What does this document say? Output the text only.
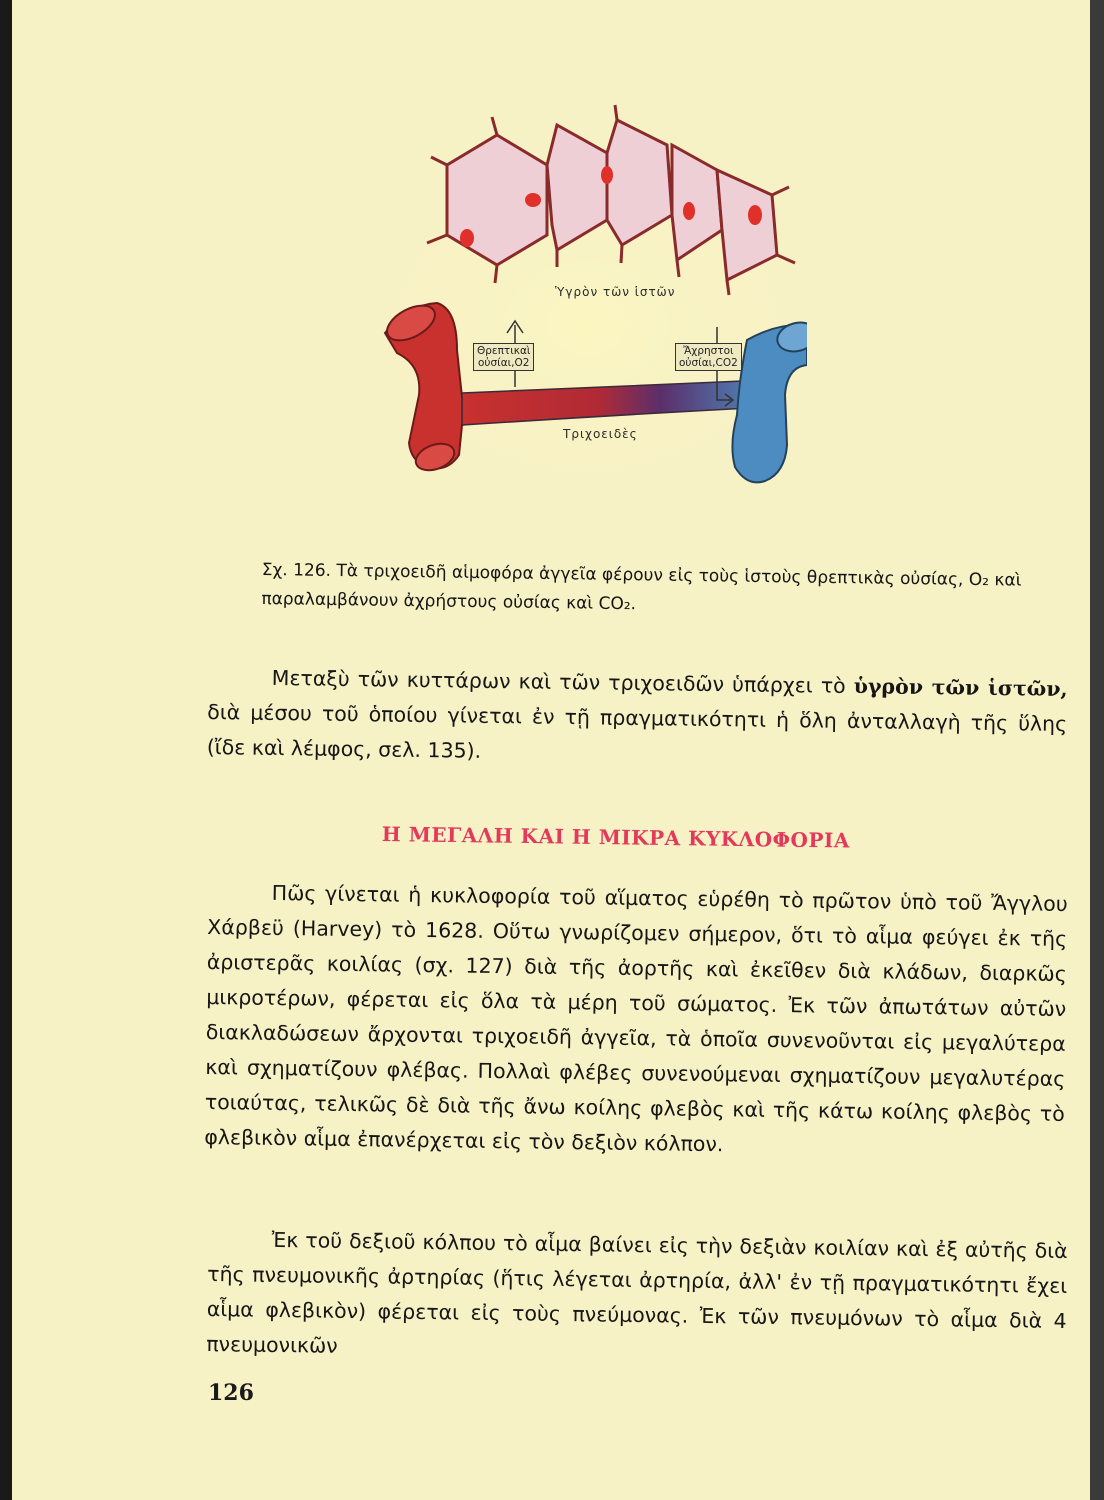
Ὑγρὸν τῶν ἱστῶν
Θρεπτικαὶ
οὐσίαι,Ο2
Ἄχρηστοι
οὐσίαι,CO2
Τριχοειδὲς
Σχ. 126. Τὰ τριχοειδῆ αἱμοφόρα ἀγγεῖα φέρουν εἰς τοὺς ἱστοὺς θρεπτικὰς οὐσίας, Ο₂ καὶ παραλαμβάνουν ἀχρήστους οὐσίας καὶ CO₂.
Μεταξὺ τῶν κυττάρων καὶ τῶν τριχοειδῶν ὑπάρχει τὸ ὑγρὸν τῶν ἱστῶν, διὰ μέσου τοῦ ὁποίου γίνεται ἐν τῇ πραγματικότητι ἡ ὅλη ἀνταλλαγὴ τῆς ὕλης (ἴδε καὶ λέμφος, σελ. 135).
Η ΜΕΓΑΛΗ ΚΑΙ Η ΜΙΚΡΑ ΚΥΚΛΟΦΟΡΙΑ
Πῶς γίνεται ἡ κυκλοφορία τοῦ αἵματος εὑρέθη τὸ πρῶτον ὑπὸ τοῦ Ἄγγλου Χάρβεϋ (Harvey) τὸ 1628. Οὕτω γνωρίζομεν σήμερον, ὅτι τὸ αἷμα φεύγει ἐκ τῆς ἀριστερᾶς κοιλίας (σχ. 127) διὰ τῆς ἀορτῆς καὶ ἐκεῖθεν διὰ κλάδων, διαρκῶς μικροτέρων, φέρεται εἰς ὅλα τὰ μέρη τοῦ σώματος. Ἐκ τῶν ἀπωτάτων αὐτῶν διακλαδώσεων ἄρχονται τριχοειδῆ ἀγγεῖα, τὰ ὁποῖα συνενοῦνται εἰς μεγαλύτερα καὶ σχηματίζουν φλέβας. Πολλαὶ φλέβες συνενούμεναι σχηματίζουν μεγαλυτέρας τοιαύτας, τελικῶς δὲ διὰ τῆς ἄνω κοίλης φλεβὸς καὶ τῆς κάτω κοίλης φλεβὸς τὸ φλεβικὸν αἷμα ἐπανέρχεται εἰς τὸν δεξιὸν κόλπον.
Ἐκ τοῦ δεξιοῦ κόλπου τὸ αἷμα βαίνει εἰς τὴν δεξιὰν κοιλίαν καὶ ἐξ αὐτῆς διὰ τῆς πνευμονικῆς ἀρτηρίας (ἥτις λέγεται ἀρτηρία, ἀλλ' ἐν τῇ πραγματικότητι ἔχει αἷμα φλεβικὸν) φέρεται εἰς τοὺς πνεύμονας. Ἐκ τῶν πνευμόνων τὸ αἷμα διὰ 4 πνευμονικῶν
126
